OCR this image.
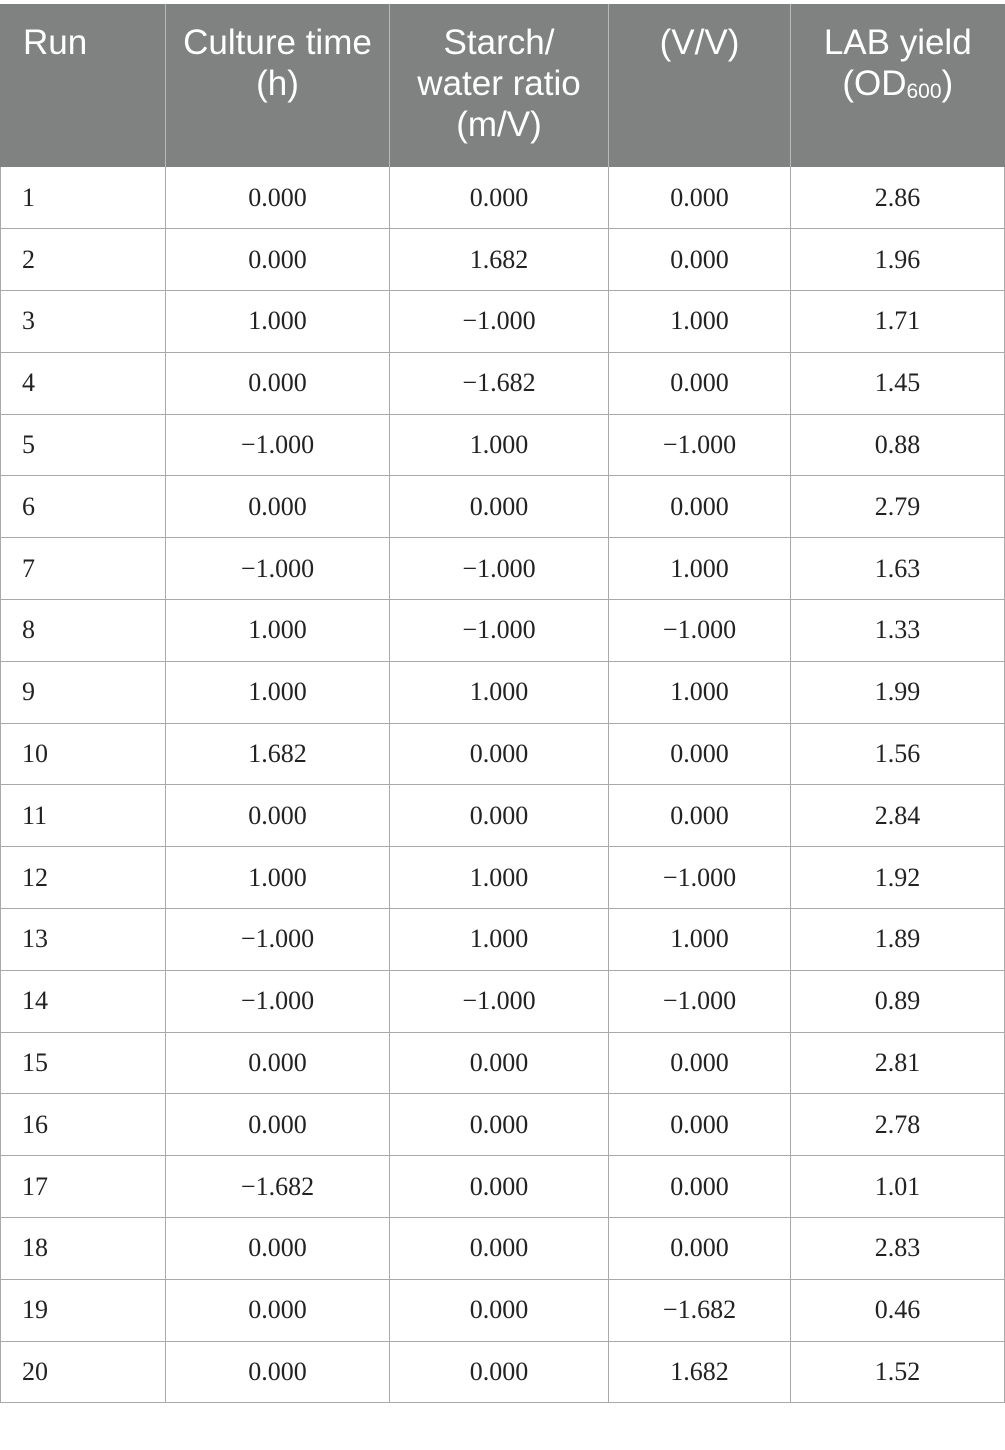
Run	Culture time (h)	Starch/ water ratio (m/V)	(V/V)	LAB yield $(OD_{600})$
1	0.000	0.000	0.000	2.86
2	0.000	1.682	0.000	1.96
3	1.000	−1.000	1.000	1.71
4	0.000	−1.682	0.000	1.45
5	−1.000	1.000	−1.000	0.88
6	0.000	0.000	0.000	2.79
7	−1.000	−1.000	1.000	1.63
8	1.000	−1.000	−1.000	1.33
9	1.000	1.000	1.000	1.99
10	1.682	0.000	0.000	1.56
11	0.000	0.000	0.000	2.84
12	1.000	1.000	−1.000	1.92
13	−1.000	1.000	1.000	1.89
14	−1.000	−1.000	−1.000	0.89
15	0.000	0.000	0.000	2.81
16	0.000	0.000	0.000	2.78
17	−1.682	0.000	0.000	1.01
18	0.000	0.000	0.000	2.83
19	0.000	0.000	−1.682	0.46
20	0.000	0.000	1.682	1.52
